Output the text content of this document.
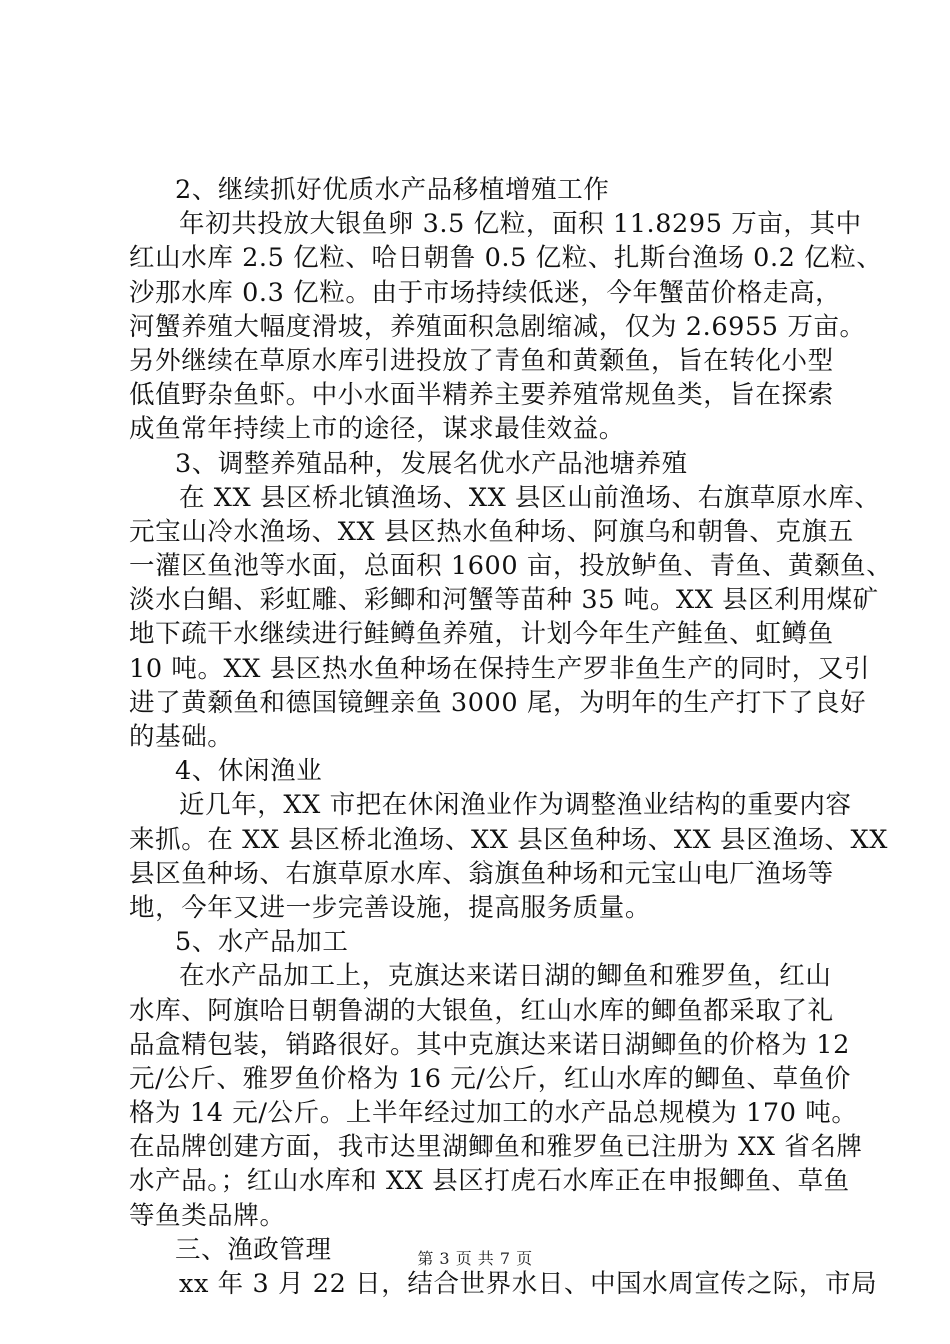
2、继续抓好优质水产品移植增殖工作
年初共投放大银鱼卵 3.5 亿粒，面积 11.8295 万亩，其中
红山水库 2.5 亿粒、哈日朝鲁 0.5 亿粒、扎斯台渔场 0.2 亿粒、
沙那水库 0.3 亿粒。由于市场持续低迷，今年蟹苗价格走高，
河蟹养殖大幅度滑坡，养殖面积急剧缩减，仅为 2.6955 万亩。
另外继续在草原水库引进投放了青鱼和黄颡鱼，旨在转化小型
低值野杂鱼虾。中小水面半精养主要养殖常规鱼类，旨在探索
成鱼常年持续上市的途径，谋求最佳效益。
3、调整养殖品种，发展名优水产品池塘养殖
在 XX 县区桥北镇渔场、XX 县区山前渔场、右旗草原水库、
元宝山冷水渔场、XX 县区热水鱼种场、阿旗乌和朝鲁、克旗五
一灌区鱼池等水面，总面积 1600 亩，投放鲈鱼、青鱼、黄颡鱼、
淡水白鲳、彩虹雕、彩鲫和河蟹等苗种 35 吨。XX 县区利用煤矿
地下疏干水继续进行鲑鳟鱼养殖，计划今年生产鲑鱼、虹鳟鱼
10 吨。XX 县区热水鱼种场在保持生产罗非鱼生产的同时，又引
进了黄颡鱼和德国镜鲤亲鱼 3000 尾，为明年的生产打下了良好
的基础。
4、休闲渔业
近几年，XX 市把在休闲渔业作为调整渔业结构的重要内容
来抓。在 XX 县区桥北渔场、XX 县区鱼种场、XX 县区渔场、XX
县区鱼种场、右旗草原水库、翁旗鱼种场和元宝山电厂渔场等
地，今年又进一步完善设施，提高服务质量。
5、水产品加工
在水产品加工上，克旗达来诺日湖的鲫鱼和雅罗鱼，红山
水库、阿旗哈日朝鲁湖的大银鱼，红山水库的鲫鱼都采取了礼
品盒精包装，销路很好。其中克旗达来诺日湖鲫鱼的价格为 12
元/公斤、雅罗鱼价格为 16 元/公斤，红山水库的鲫鱼、草鱼价
格为 14 元/公斤。上半年经过加工的水产品总规模为 170 吨。
在品牌创建方面，我市达里湖鲫鱼和雅罗鱼已注册为 XX 省名牌
水产品。；红山水库和 XX 县区打虎石水库正在申报鲫鱼、草鱼
等鱼类品牌。
三、渔政管理
xx 年 3 月 22 日，结合世界水日、中国水周宣传之际，市局
第 3 页 共 7 页
